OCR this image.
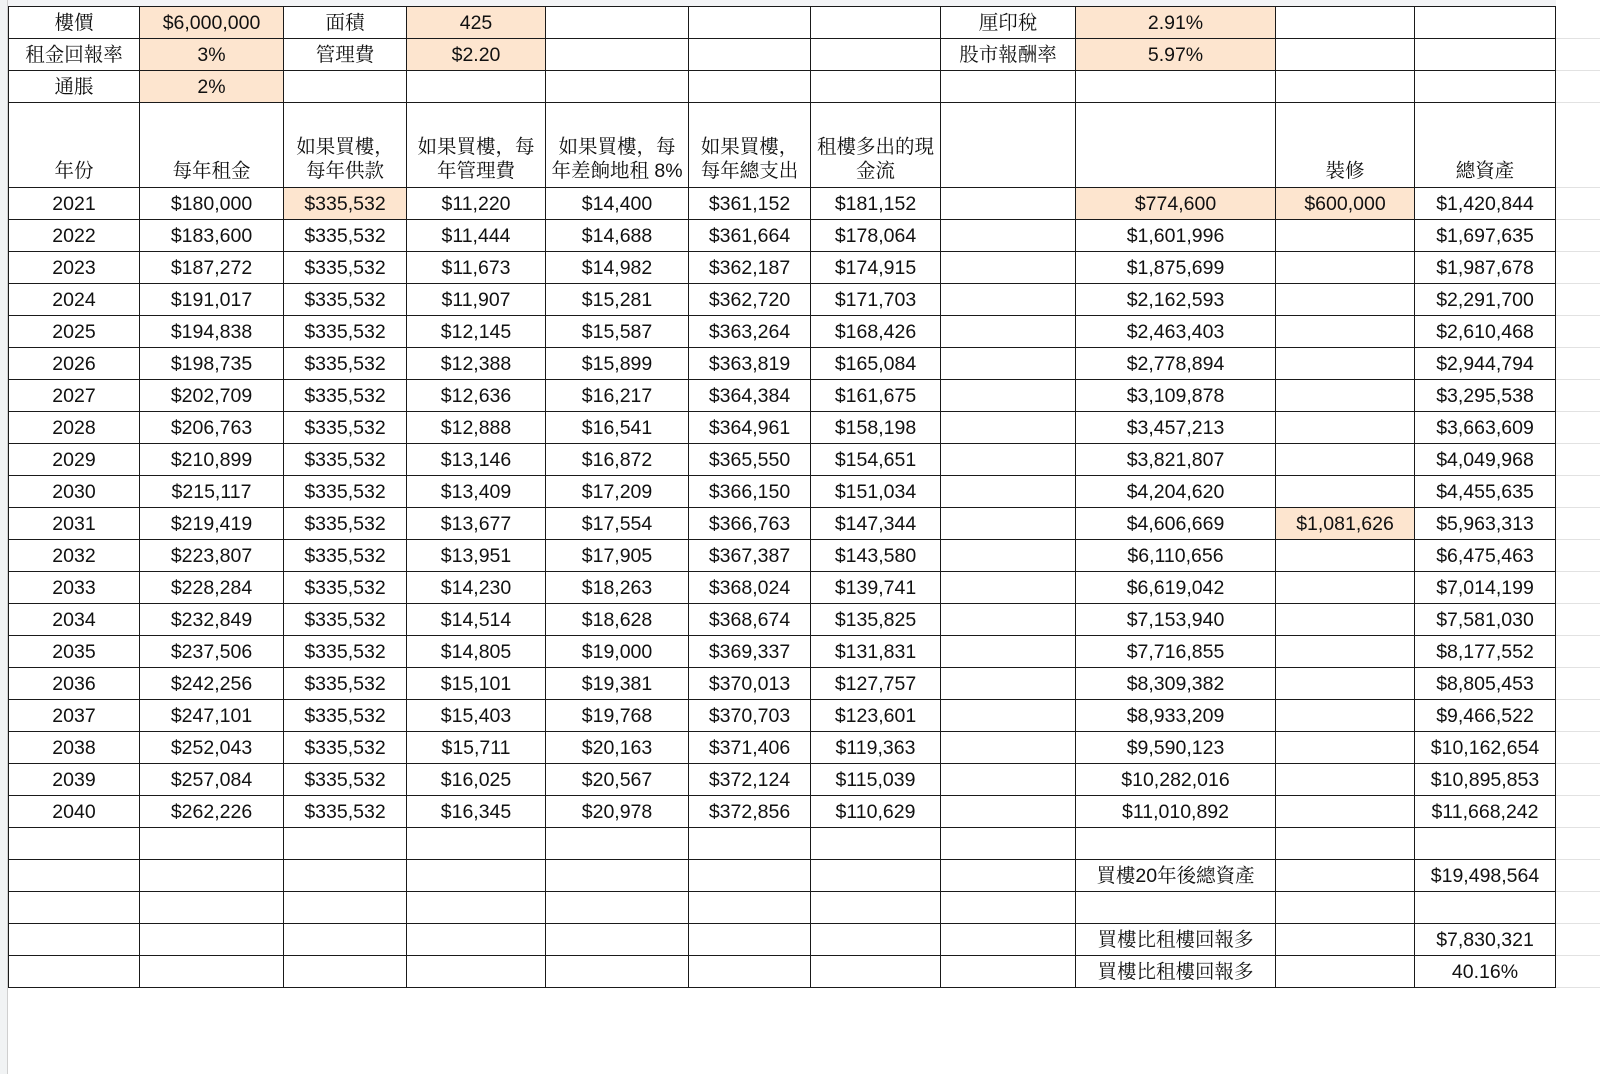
樓價	$6,000,000	面積	425				厘印稅	2.91%		
租金回報率	3%	管理費	$2.20				股市報酬率	5.97%		
通脹	2%									
年份	每年租金	如果買樓，每年供款	如果買樓，每年管理費	如果買樓，每年差餉地租 8%	如果買樓，每年總支出	租樓多出的現金流			裝修	總資產
2021	$180,000	$335,532	$11,220	$14,400	$361,152	$181,152		$774,600	$600,000	$1,420,844
2022	$183,600	$335,532	$11,444	$14,688	$361,664	$178,064		$1,601,996		$1,697,635
2023	$187,272	$335,532	$11,673	$14,982	$362,187	$174,915		$1,875,699		$1,987,678
2024	$191,017	$335,532	$11,907	$15,281	$362,720	$171,703		$2,162,593		$2,291,700
2025	$194,838	$335,532	$12,145	$15,587	$363,264	$168,426		$2,463,403		$2,610,468
2026	$198,735	$335,532	$12,388	$15,899	$363,819	$165,084		$2,778,894		$2,944,794
2027	$202,709	$335,532	$12,636	$16,217	$364,384	$161,675		$3,109,878		$3,295,538
2028	$206,763	$335,532	$12,888	$16,541	$364,961	$158,198		$3,457,213		$3,663,609
2029	$210,899	$335,532	$13,146	$16,872	$365,550	$154,651		$3,821,807		$4,049,968
2030	$215,117	$335,532	$13,409	$17,209	$366,150	$151,034		$4,204,620		$4,455,635
2031	$219,419	$335,532	$13,677	$17,554	$366,763	$147,344		$4,606,669	$1,081,626	$5,963,313
2032	$223,807	$335,532	$13,951	$17,905	$367,387	$143,580		$6,110,656		$6,475,463
2033	$228,284	$335,532	$14,230	$18,263	$368,024	$139,741		$6,619,042		$7,014,199
2034	$232,849	$335,532	$14,514	$18,628	$368,674	$135,825		$7,153,940		$7,581,030
2035	$237,506	$335,532	$14,805	$19,000	$369,337	$131,831		$7,716,855		$8,177,552
2036	$242,256	$335,532	$15,101	$19,381	$370,013	$127,757		$8,309,382		$8,805,453
2037	$247,101	$335,532	$15,403	$19,768	$370,703	$123,601		$8,933,209		$9,466,522
2038	$252,043	$335,532	$15,711	$20,163	$371,406	$119,363		$9,590,123		$10,162,654
2039	$257,084	$335,532	$16,025	$20,567	$372,124	$115,039		$10,282,016		$10,895,853
2040	$262,226	$335,532	$16,345	$20,978	$372,856	$110,629		$11,010,892		$11,668,242

								買樓20年後總資產		$19,498,564

								買樓比租樓回報多		$7,830,321
								買樓比租樓回報多		40.16%
